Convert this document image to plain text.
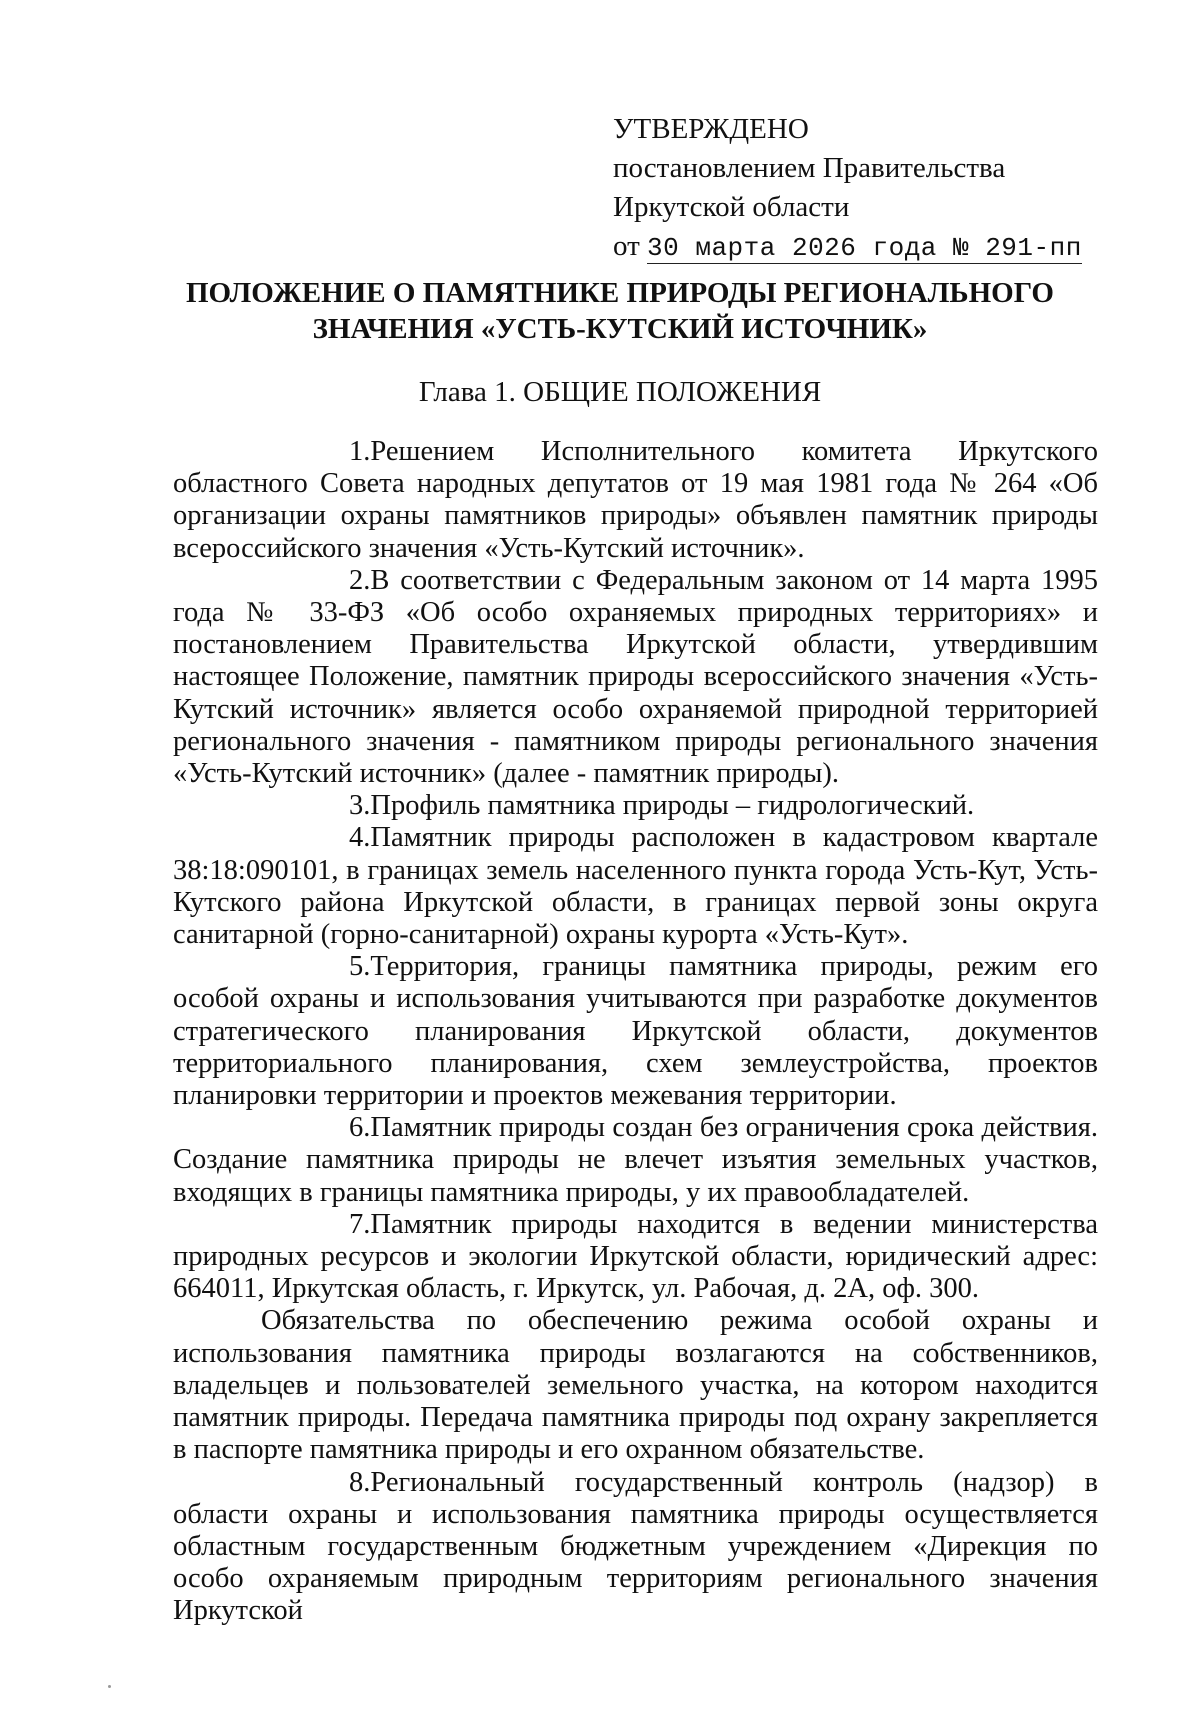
УТВЕРЖДЕНО
постановлением Правительства
Иркутской области
от 30 марта 2026 года № 291-пп
ПОЛОЖЕНИЕ О ПАМЯТНИКЕ ПРИРОДЫ РЕГИОНАЛЬНОГО
ЗНАЧЕНИЯ «УСТЬ-КУТСКИЙ ИСТОЧНИК»
Глава 1. ОБЩИЕ ПОЛОЖЕНИЯ

1.Решением Исполнительного комитета Иркутского областного Совета народных депутатов от 19 мая 1981 года № 264 «Об организации охраны памятников природы» объявлен памятник природы всероссийского значения «Усть-Кутский источник».

2.В соответствии с Федеральным законом от 14 марта 1995 года № 33-ФЗ «Об особо охраняемых природных территориях» и постановлением Правительства Иркутской области, утвердившим настоящее Положение, памятник природы всероссийского значения «Усть-Кутский источник» является особо охраняемой природной территорией регионального значения - памятником природы регионального значения «Усть-Кутский источник» (далее - памятник природы).

3.Профиль памятника природы – гидрологический.

4.Памятник природы расположен в кадастровом квартале 38:18:090101, в границах земель населенного пункта города Усть-Кут, Усть-Кутского района Иркутской области, в границах первой зоны округа санитарной (горно-санитарной) охраны курорта «Усть-Кут».

5.Территория, границы памятника природы, режим его особой охраны и использования учитываются при разработке документов стратегического планирования Иркутской области, документов территориального планирования, схем землеустройства, проектов планировки территории и проектов межевания территории.

6.Памятник природы создан без ограничения срока действия. Создание памятника природы не влечет изъятия земельных участков, входящих в границы памятника природы, у их правообладателей.

7.Памятник природы находится в ведении министерства природных ресурсов и экологии Иркутской области, юридический адрес: 664011, Иркутская область, г. Иркутск, ул. Рабочая, д. 2А, оф. 300.

Обязательства по обеспечению режима особой охраны и использования памятника природы возлагаются на собственников, владельцев и пользователей земельного участка, на котором находится памятник природы. Передача памятника природы под охрану закрепляется в паспорте памятника природы и его охранном обязательстве.

8.Региональный государственный контроль (надзор) в области охраны и использования памятника природы осуществляется областным государственным бюджетным учреждением «Дирекция по особо охраняемым природным территориям регионального значения Иркутской
